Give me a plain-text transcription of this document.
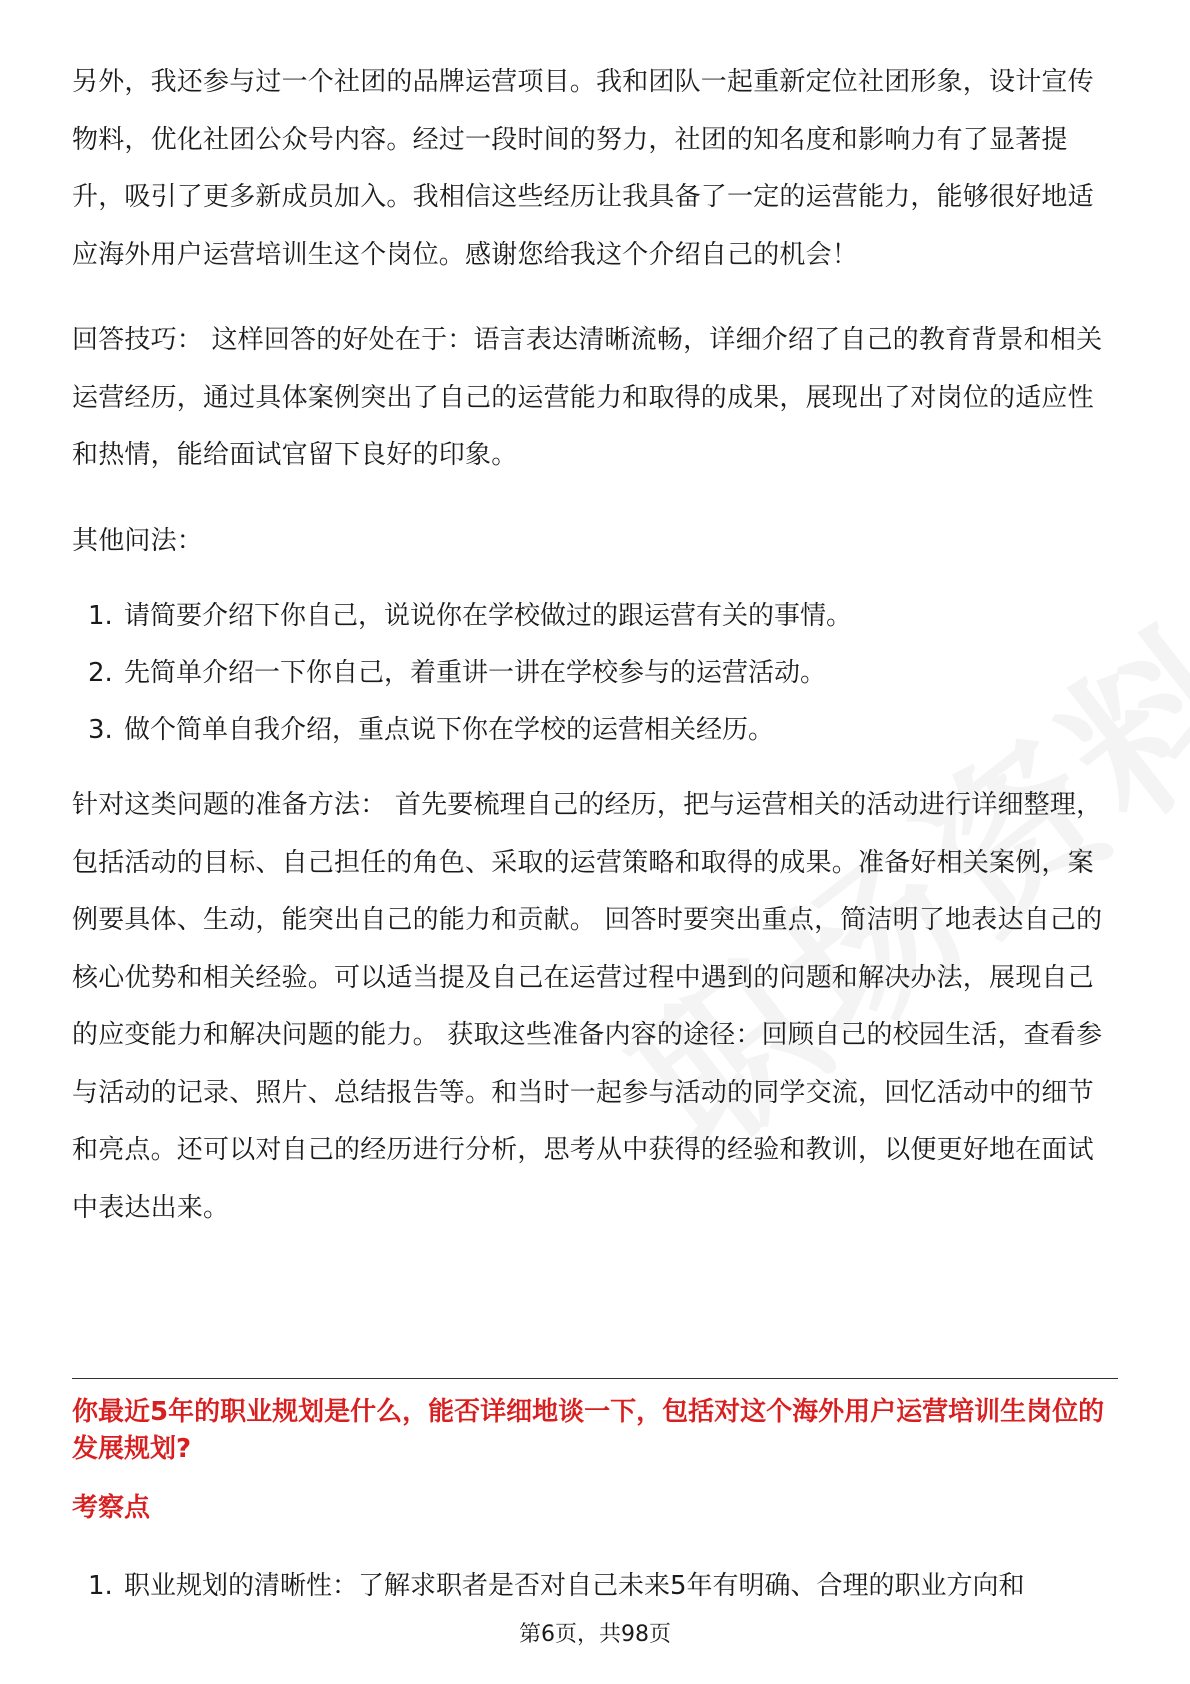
另外，我还参与过一个社团的品牌运营项目。我和团队一起重新定位社团形象，设计宣传物料，优化社团公众号内容。经过一段时间的努力，社团的知名度和影响力有了显著提升，吸引了更多新成员加入。我相信这些经历让我具备了一定的运营能力，能够很好地适应海外用户运营培训生这个岗位。感谢您给我这个介绍自己的机会！

回答技巧： 这样回答的好处在于：语言表达清晰流畅，详细介绍了自己的教育背景和相关运营经历，通过具体案例突出了自己的运营能力和取得的成果，展现出了对岗位的适应性和热情，能给面试官留下良好的印象。

其他问法：

1. 请简要介绍下你自己，说说你在学校做过的跟运营有关的事情。
2. 先简单介绍一下你自己，着重讲一讲在学校参与的运营活动。
3. 做个简单自我介绍，重点说下你在学校的运营相关经历。

针对这类问题的准备方法： 首先要梳理自己的经历，把与运营相关的活动进行详细整理，包括活动的目标、自己担任的角色、采取的运营策略和取得的成果。准备好相关案例，案例要具体、生动，能突出自己的能力和贡献。 回答时要突出重点，简洁明了地表达自己的核心优势和相关经验。可以适当提及自己在运营过程中遇到的问题和解决办法，展现自己的应变能力和解决问题的能力。 获取这些准备内容的途径：回顾自己的校园生活，查看参与活动的记录、照片、总结报告等。和当时一起参与活动的同学交流，回忆活动中的细节和亮点。还可以对自己的经历进行分析，思考从中获得的经验和教训，以便更好地在面试中表达出来。

你最近5年的职业规划是什么，能否详细地谈一下，包括对这个海外用户运营培训生岗位的发展规划?

考察点

1. 职业规划的清晰性：了解求职者是否对自己未来5年有明确、合理的职业方向和
第6页，共98页
